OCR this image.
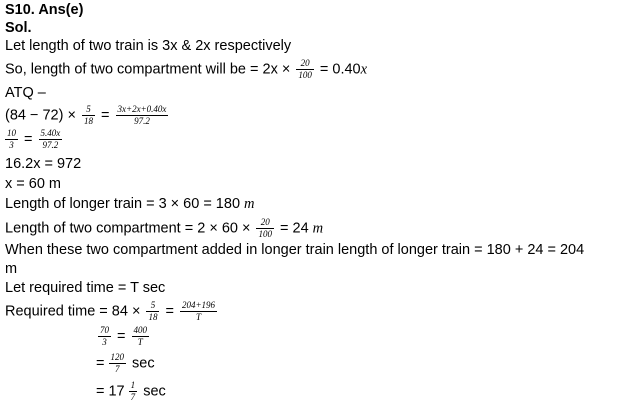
S10. Ans(e)
Sol.
Let length of two train is 3x & 2x respectively
So, length of two compartment will be = $2x \times \frac{20}{100} = 0.40x$
ATQ –
$(84 - 72) \times \frac{5}{18} = \frac{3x+2x+0.40x}{97.2}$
$\frac{10}{3} = \frac{5.40x}{97.2}$
16.2x = 972
x = 60 m
Length of longer train = 3 × 60 = 180 m
Length of two compartment = $2 \times 60 \times \frac{20}{100} = 24$ m
When these two compartment added in longer train length of longer train = 180 + 24 = 204
m
Let required time = T sec
Required time = $84 \times \frac{5}{18} = \frac{204+196}{T}$
$\frac{70}{3} = \frac{400}{T}$
= $\frac{120}{7}$ sec
= $17 \frac{1}{7}$ sec
